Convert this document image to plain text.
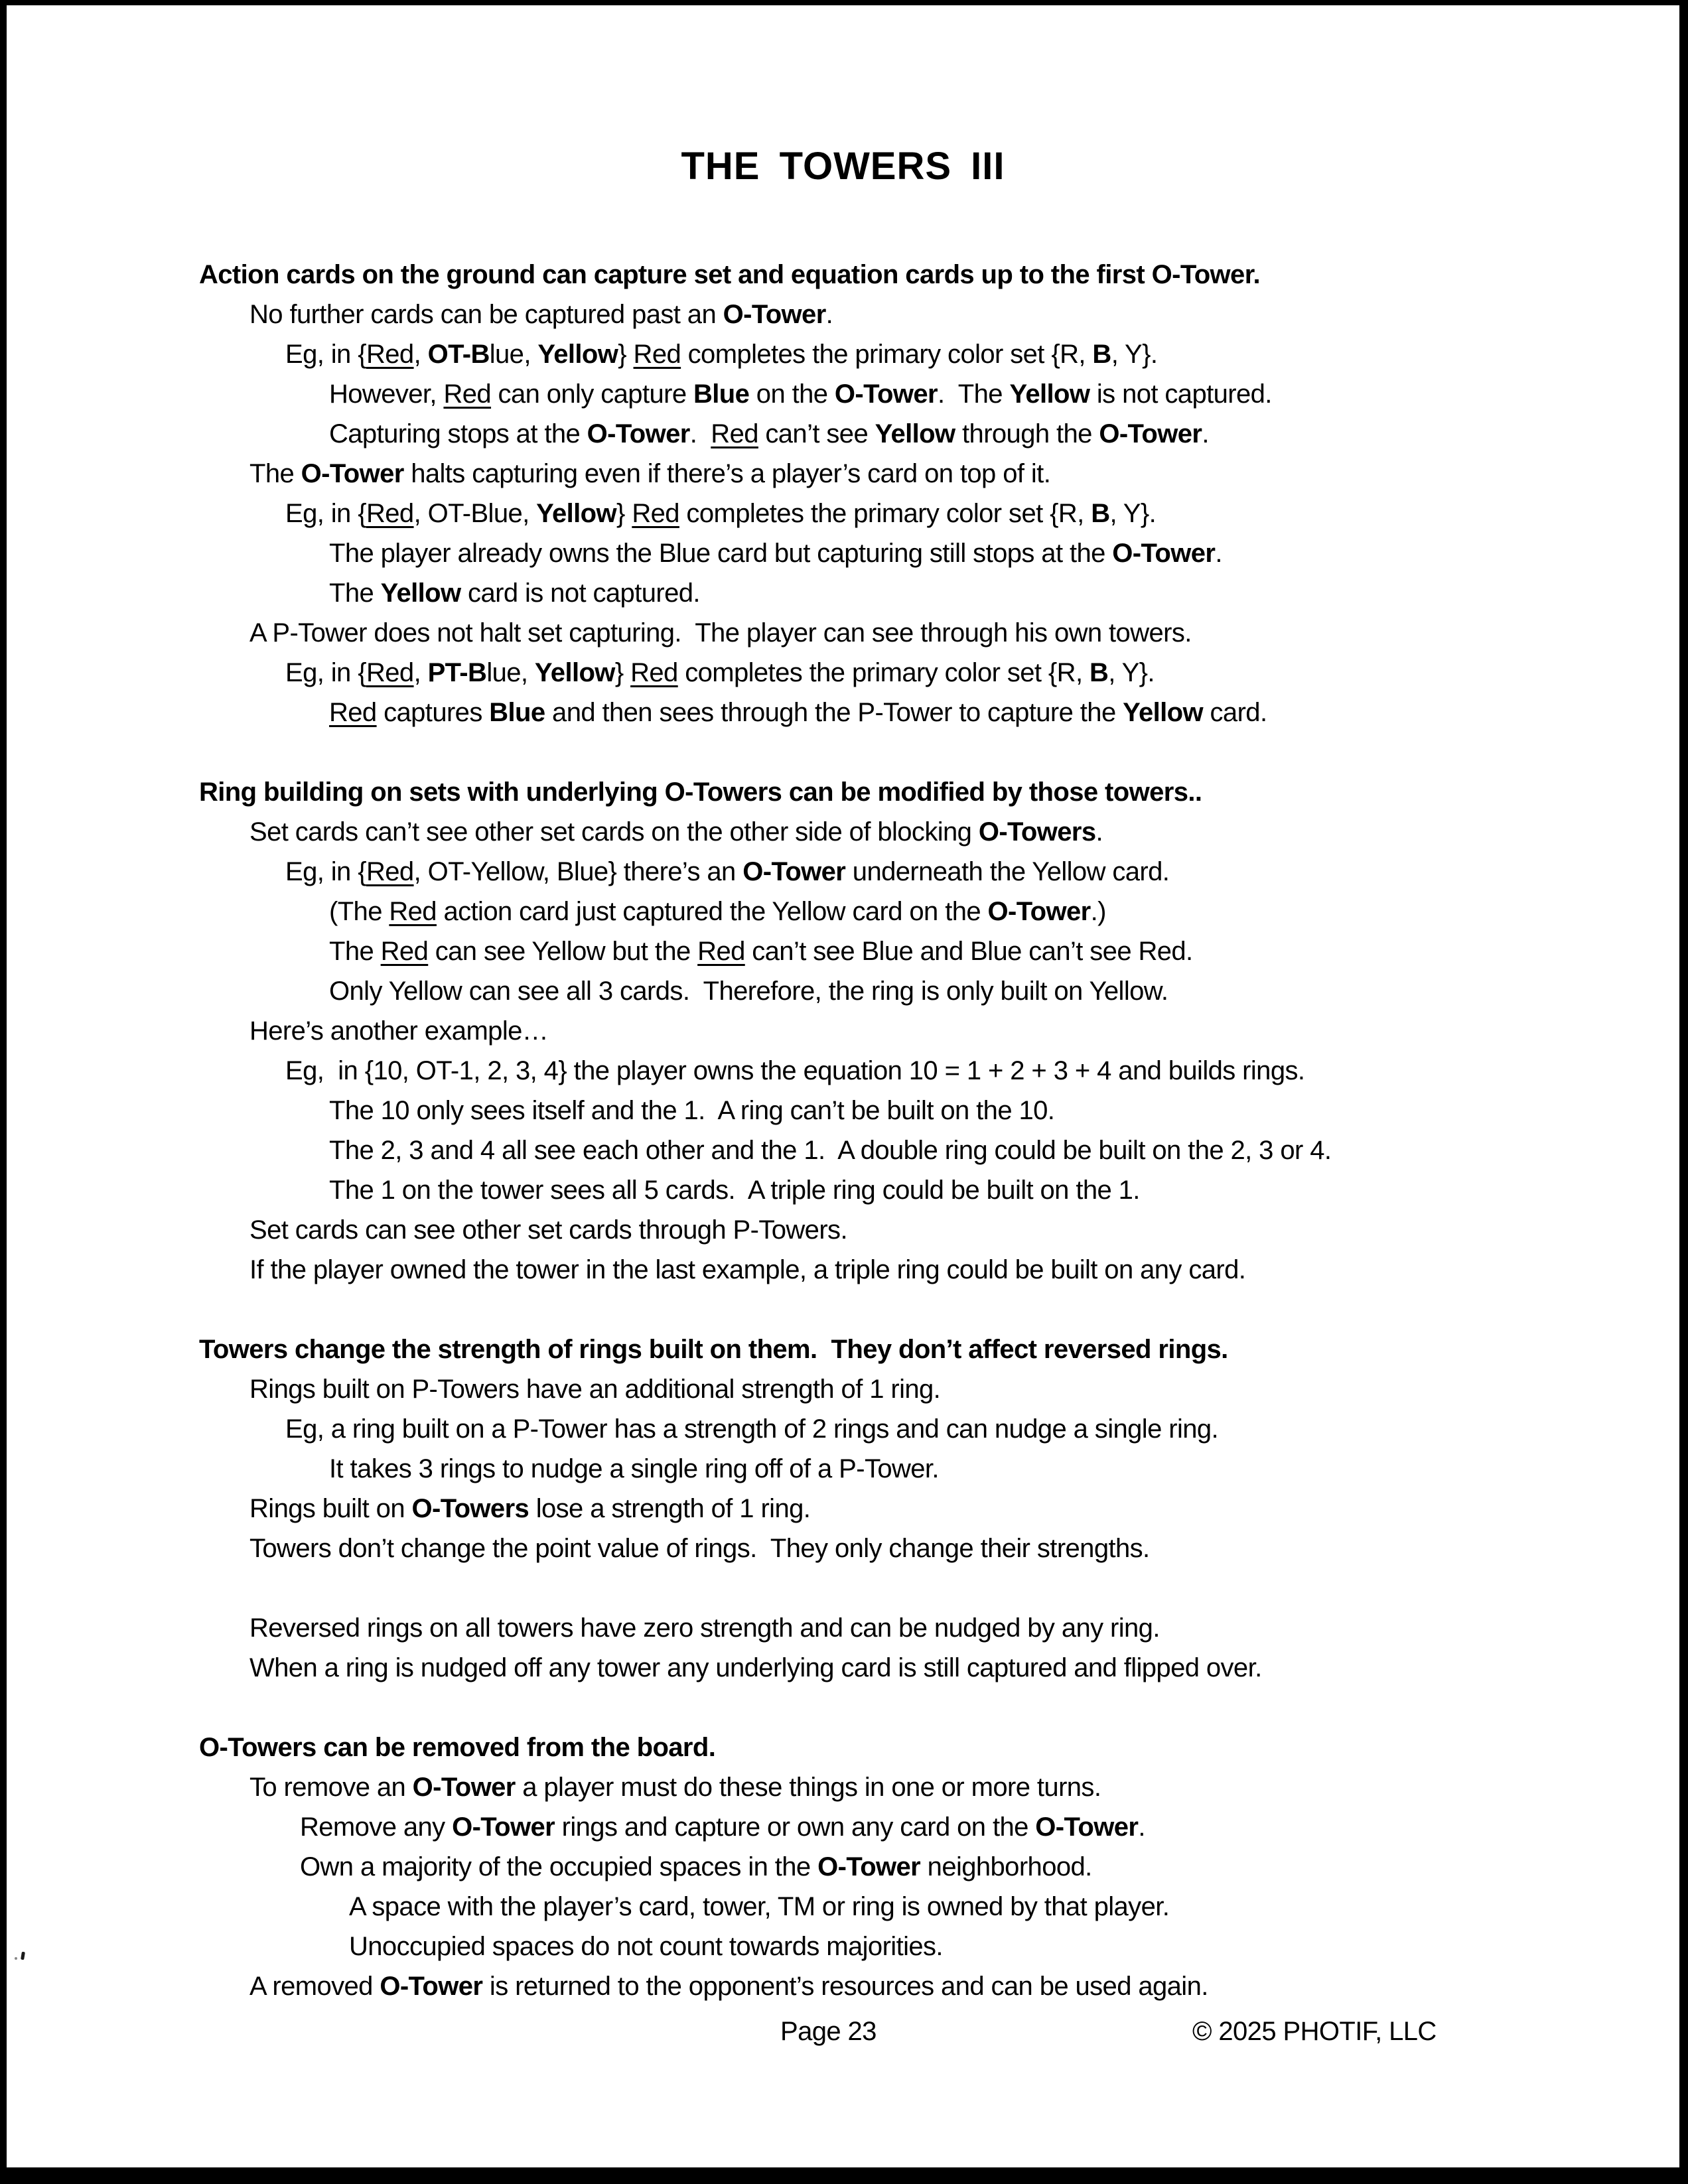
THE TOWERS III
Action cards on the ground can capture set and equation cards up to the first O-Tower.
No further cards can be captured past an O-Tower.
Eg, in {Red, OT-Blue, Yellow} Red completes the primary color set {R, B, Y}.
However, Red can only capture Blue on the O-Tower.  The Yellow is not captured.
Capturing stops at the O-Tower.  Red can’t see Yellow through the O-Tower.
The O-Tower halts capturing even if there’s a player’s card on top of it.
Eg, in {Red, OT-Blue, Yellow} Red completes the primary color set {R, B, Y}.
The player already owns the Blue card but capturing still stops at the O-Tower.
The Yellow card is not captured.
A P-Tower does not halt set capturing.  The player can see through his own towers.
Eg, in {Red, PT-Blue, Yellow} Red completes the primary color set {R, B, Y}.
Red captures Blue and then sees through the P-Tower to capture the Yellow card.
Ring building on sets with underlying O-Towers can be modified by those towers..
Set cards can’t see other set cards on the other side of blocking O-Towers.
Eg, in {Red, OT-Yellow, Blue} there’s an O-Tower underneath the Yellow card.
(The Red action card just captured the Yellow card on the O-Tower.)
The Red can see Yellow but the Red can’t see Blue and Blue can’t see Red.
Only Yellow can see all 3 cards.  Therefore, the ring is only built on Yellow.
Here’s another example…
Eg,  in {10, OT-1, 2, 3, 4} the player owns the equation 10 = 1 + 2 + 3 + 4 and builds rings.
The 10 only sees itself and the 1.  A ring can’t be built on the 10.
The 2, 3 and 4 all see each other and the 1.  A double ring could be built on the 2, 3 or 4.
The 1 on the tower sees all 5 cards.  A triple ring could be built on the 1.
Set cards can see other set cards through P-Towers.
If the player owned the tower in the last example, a triple ring could be built on any card.
Towers change the strength of rings built on them.  They don’t affect reversed rings.
Rings built on P-Towers have an additional strength of 1 ring.
Eg, a ring built on a P-Tower has a strength of 2 rings and can nudge a single ring.
It takes 3 rings to nudge a single ring off of a P-Tower.
Rings built on O-Towers lose a strength of 1 ring.
Towers don’t change the point value of rings.  They only change their strengths.
Reversed rings on all towers have zero strength and can be nudged by any ring.
When a ring is nudged off any tower any underlying card is still captured and flipped over.
O-Towers can be removed from the board.
To remove an O-Tower a player must do these things in one or more turns.
Remove any O-Tower rings and capture or own any card on the O-Tower.
Own a majority of the occupied spaces in the O-Tower neighborhood.
A space with the player’s card, tower, TM or ring is owned by that player.
Unoccupied spaces do not count towards majorities.
A removed O-Tower is returned to the opponent’s resources and can be used again.
Page 23	© 2025 PHOTIF, LLC
